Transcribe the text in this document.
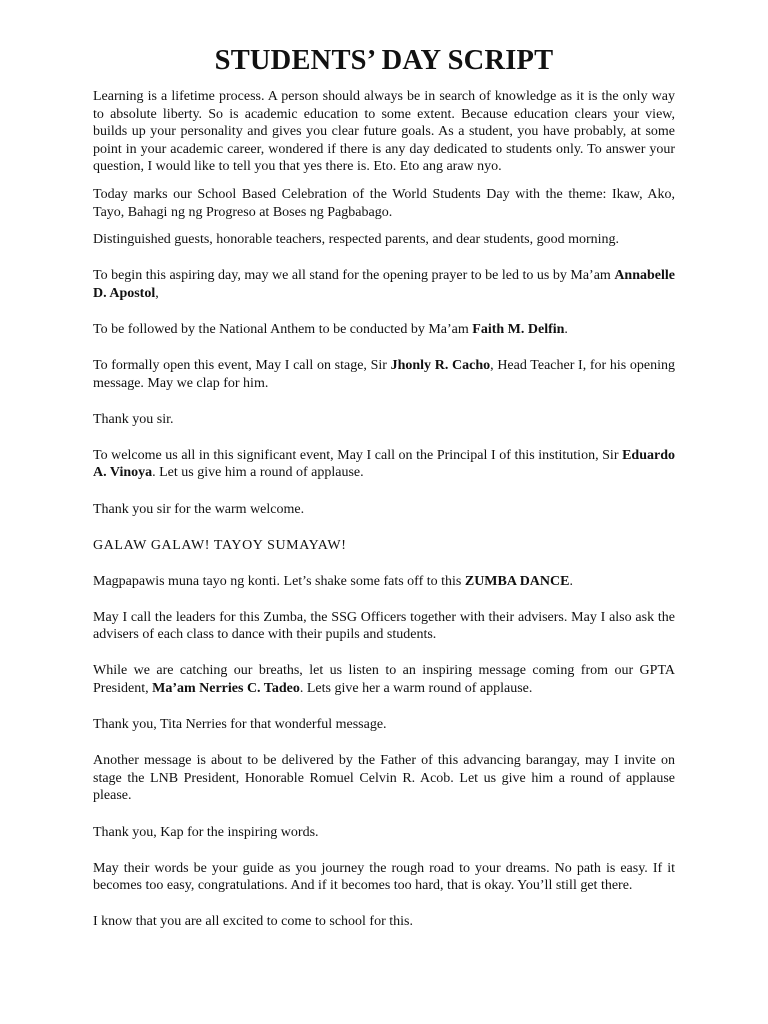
STUDENTS’ DAY SCRIPT

Learning is a lifetime process. A person should always be in search of knowledge as it is the only way to absolute liberty. So is academic education to some extent. Because education clears your view, builds up your personality and gives you clear future goals. As a student, you have probably, at some point in your academic career, wondered if there is any day dedicated to students only. To answer your question, I would like to tell you that yes there is. Eto. Eto ang araw nyo.

Today marks our School Based Celebration of the World Students Day with the theme: Ikaw, Ako, Tayo, Bahagi ng ng Progreso at Boses ng Pagbabago.

Distinguished guests, honorable teachers, respected parents, and dear students, good morning.

To begin this aspiring day, may we all stand for the opening prayer to be led to us by Ma’am Annabelle D. Apostol,

To be followed by the National Anthem to be conducted by Ma’am Faith M. Delfin.

To formally open this event, May I call on stage, Sir Jhonly R. Cacho, Head Teacher I, for his opening message. May we clap for him.

Thank you sir.

To welcome us all in this significant event, May I call on the Principal I of this institution, Sir Eduardo A. Vinoya. Let us give him a round of applause.

Thank you sir for the warm welcome.

GALAW GALAW! TAYOY SUMAYAW!

Magpapawis muna tayo ng konti. Let’s shake some fats off to this ZUMBA DANCE.

May I call the leaders for this Zumba, the SSG Officers together with their advisers. May I also ask the advisers of each class to dance with their pupils and students.

While we are catching our breaths, let us listen to an inspiring message coming from our GPTA President, Ma’am Nerries C. Tadeo. Lets give her a warm round of applause.

Thank you, Tita Nerries for that wonderful message.

Another message is about to be delivered by the Father of this advancing barangay, may I invite on stage the LNB President, Honorable Romuel Celvin R. Acob. Let us give him a round of applause please.

Thank you, Kap for the inspiring words.

May their words be your guide as you journey the rough road to your dreams. No path is easy. If it becomes too easy, congratulations. And if it becomes too hard, that is okay. You’ll still get there.

I know that you are all excited to come to school for this.
